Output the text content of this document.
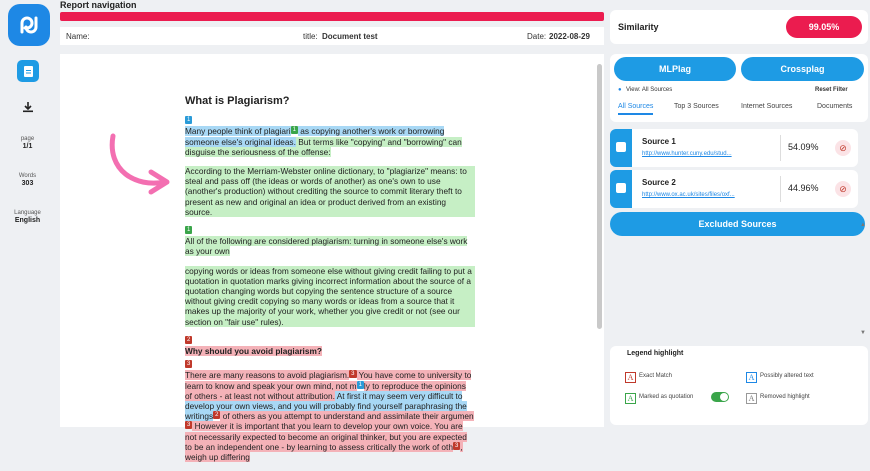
Report navigation
Name:	title: Document test	Date: 2022-08-29
page
1/1
Words
303
Language
English
What is Plagiarism?
1
Many people think of plagiari 1 as copying another's work or borrowing someone else's original ideas. But terms like "copying" and "borrowing" can disguise the seriousness of the offense:
According to the Merriam-Webster online dictionary, to "plagiarize" means: to steal and pass off (the ideas or words of another) as one's own to use (another's production) without crediting the source to commit literary theft to present as new and original an idea or product derived from an existing source.
1
All of the following are considered plagiarism: turning in someone else's work as your own
copying words or ideas from someone else without giving credit failing to put a quotation in quotation marks giving incorrect information about the source of a quotation changing words but copying the sentence structure of a source without giving credit copying so many words or ideas from a source that it makes up the majority of your work, whether you give credit or not (see our section on "fair use" rules).
2
Why should you avoid plagiarism?
3
There are many reasons to avoid plagiarism. 3 You have come to university to learn to know and speak your own mind, not m 1 ly to reproduce the opinions of others - at least not without attribution. At first it may seem very difficult to develop your own views, and you will probably find yourself paraphrasing the writings 2 of others as you attempt to understand and assimilate their argumen3 However it is important that you learn to develop your own voice. You are not necessarily expected to become an original thinker, but you are expected to be an independent one - by learning to assess critically the work of oth 3 , weigh up differing
Similarity	99.05%
MLPlag	Crossplag
● View: All Sources	Reset Filter
All Sources	Top 3 Sources	Internet Sources	Documents
Source 1
http://www.hunter.cuny.edu/stud...
54.09%	⊘
Source 2
http://www.ox.ac.uk/sites/files/oxf...
44.96%	⊘
Excluded Sources	▲
▼
Legend highlight
A Exact Match	A Possibly altered text
A Marked as quotation	A Removed highlight
